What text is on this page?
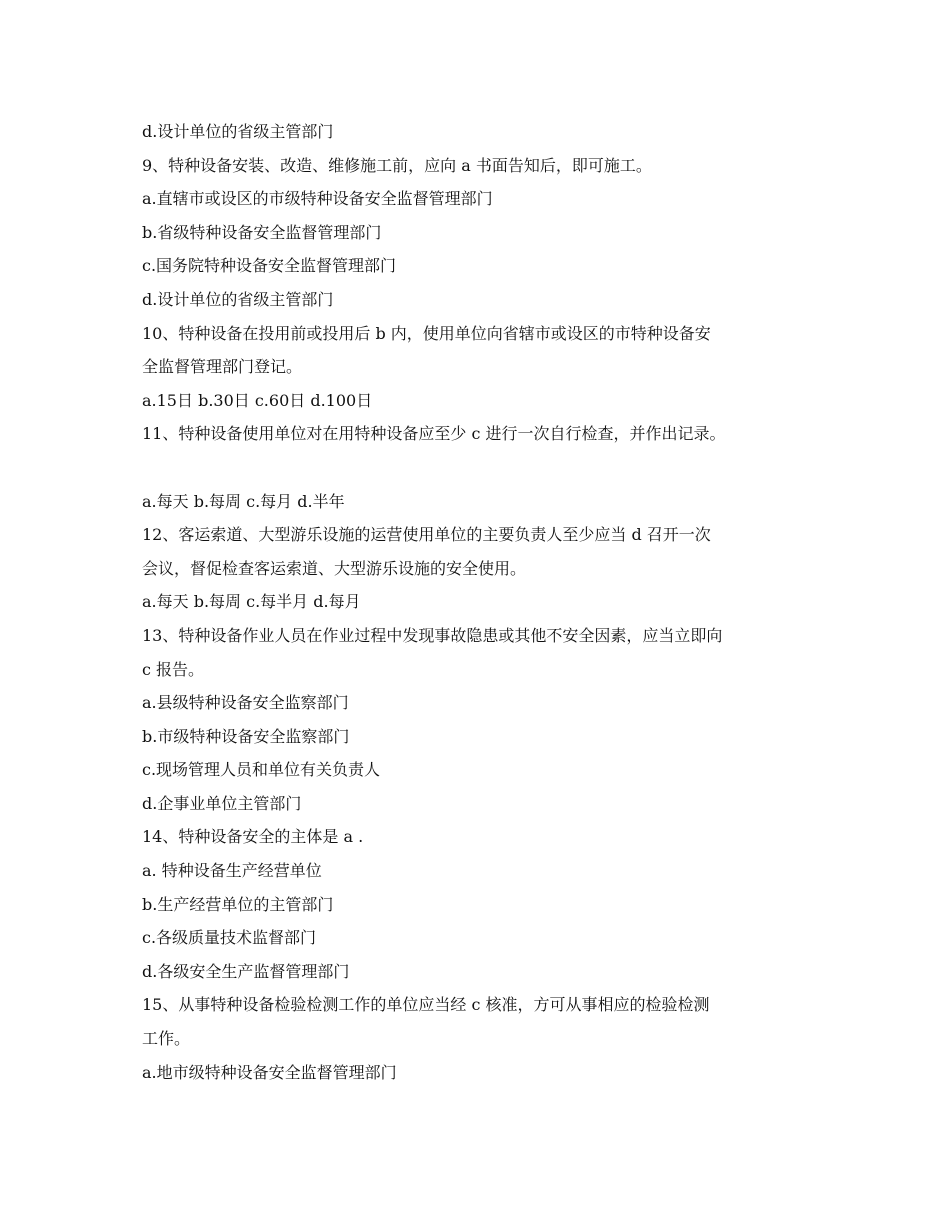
d.设计单位的省级主管部门
9、特种设备安装、改造、维修施工前，应向 a 书面告知后，即可施工。
a.直辖市或设区的市级特种设备安全监督管理部门
b.省级特种设备安全监督管理部门
c.国务院特种设备安全监督管理部门
d.设计单位的省级主管部门
10、特种设备在投用前或投用后 b 内，使用单位向省辖市或设区的市特种设备安
全监督管理部门登记。
a.15日 b.30日 c.60日 d.100日
11、特种设备使用单位对在用特种设备应至少 c 进行一次自行检查，并作出记录。
a.每天 b.每周 c.每月 d.半年
12、客运索道、大型游乐设施的运营使用单位的主要负责人至少应当 d 召开一次
会议，督促检查客运索道、大型游乐设施的安全使用。
a.每天 b.每周 c.每半月 d.每月
13、特种设备作业人员在作业过程中发现事故隐患或其他不安全因素，应当立即向
c 报告。
a.县级特种设备安全监察部门
b.市级特种设备安全监察部门
c.现场管理人员和单位有关负责人
d.企事业单位主管部门
14、特种设备安全的主体是 a .
a. 特种设备生产经营单位
b.生产经营单位的主管部门
c.各级质量技术监督部门
d.各级安全生产监督管理部门
15、从事特种设备检验检测工作的单位应当经 c 核准，方可从事相应的检验检测
工作。
a.地市级特种设备安全监督管理部门
